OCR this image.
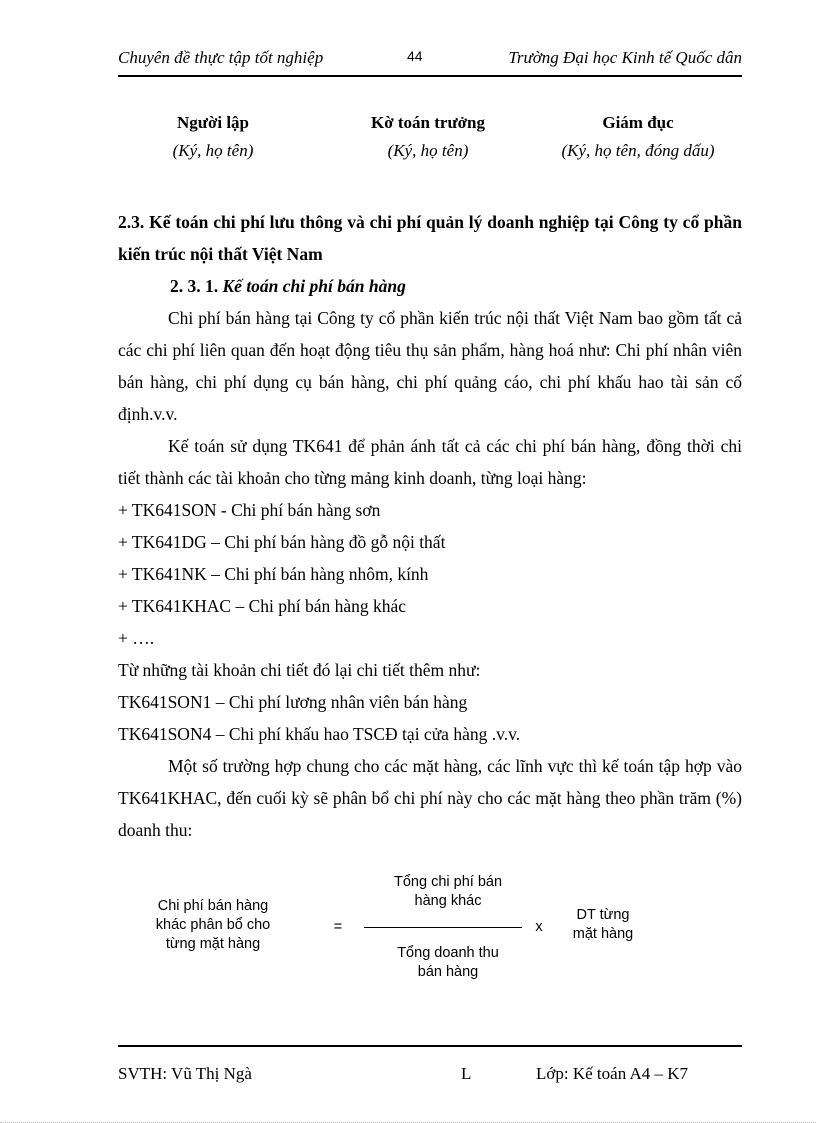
Chuyên đề thực tập tốt nghiệp	44	Trường Đại học Kinh tế Quốc dân
Người lập
(Ký, họ tên)
Kờ toán trưởng
(Ký, họ tên)
Giám đục
(Ký, họ tên, đóng dấu)

2.3. Kế toán chi phí lưu thông và chi phí quản lý doanh nghiệp tại Công ty cổ phần kiến trúc nội thất Việt Nam

2. 3. 1. Kế toán chi phí bán hàng

Chi phí bán hàng tại Công ty cổ phần kiến trúc nội thất Việt Nam bao gồm tất cả các chi phí liên quan đến hoạt động tiêu thụ sản phẩm, hàng hoá như: Chi phí nhân viên bán hàng, chi phí dụng cụ bán hàng, chi phí quảng cáo, chi phí khấu hao tài sản cố định.v.v.

Kế toán sử dụng TK641 để phản ánh tất cả các chi phí bán hàng, đồng thời chi tiết thành các tài khoản cho từng mảng kinh doanh, từng loại hàng:

+ TK641SON - Chi phí bán hàng sơn

+ TK641DG – Chi phí bán hàng đồ gỗ nội thất

+ TK641NK – Chi phí bán hàng nhôm, kính

+ TK641KHAC – Chi phí bán hàng khác

+ ….

Từ những tài khoản chi tiết đó lại chi tiết thêm như:

TK641SON1 – Chi phí lương nhân viên bán hàng

TK641SON4 – Chi phí khấu hao TSCĐ tại cửa hàng .v.v.

Một số trường hợp chung cho các mặt hàng, các lĩnh vực thì kế toán tập hợp vào TK641KHAC, đến cuối kỳ sẽ phân bổ chi phí này cho các mặt hàng theo phần trăm (%) doanh thu:

Chi phí bán hàng
khác phân bổ cho
từng mặt hàng
=
Tổng chi phí bán
hàng khác
Tổng doanh thu
bán hàng
x
DT từng
mặt hàng
SVTH: Vũ Thị Ngà	L	Lớp: Kế toán A4 – K7
